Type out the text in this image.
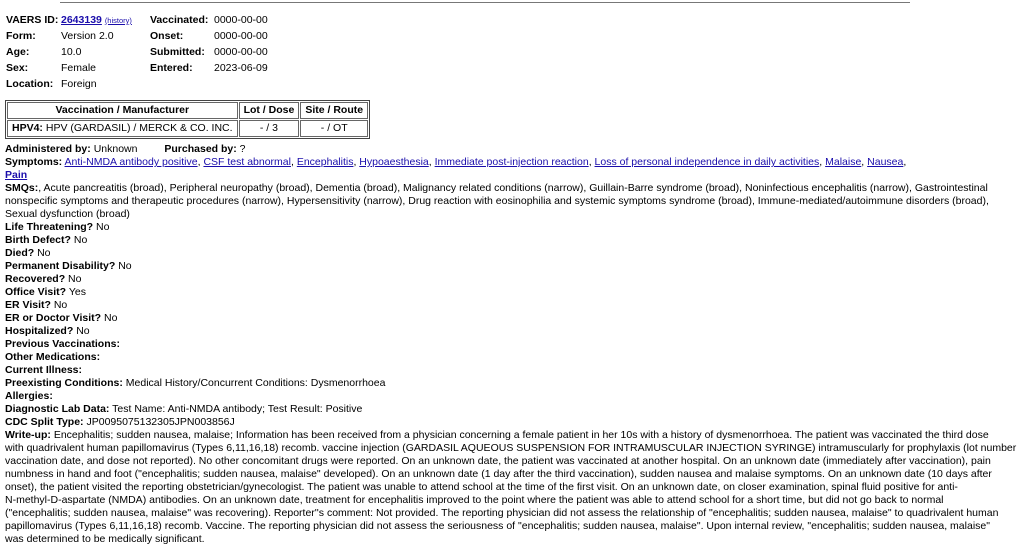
VAERS ID: 2643139 (history) Vaccinated: 0000-00-00
Form: Version 2.0	Onset:	0000-00-00
Age:	10.0	Submitted: 0000-00-00
Sex:	Female	Entered: 2023-06-09
Location: Foreign
Vaccination / Manufacturer	Lot / Dose	Site / Route
HPV4: HPV (GARDASIL) / MERCK & CO. INC.	- / 3	- / OT
Administered by: Unknown	Purchased by: ?
Symptoms: Anti-NMDA antibody positive, CSF test abnormal, Encephalitis, Hypoaesthesia, Immediate post-injection reaction, Loss of personal independence in daily activities, Malaise, Nausea,
Pain
SMQs:, Acute pancreatitis (broad), Peripheral neuropathy (broad), Dementia (broad), Malignancy related conditions (narrow), Guillain-Barre syndrome (broad), Noninfectious encephalitis (narrow), Gastrointestinal
nonspecific symptoms and therapeutic procedures (narrow), Hypersensitivity (narrow), Drug reaction with eosinophilia and systemic symptoms syndrome (broad), Immune-mediated/autoimmune disorders (broad),
Sexual dysfunction (broad)
Life Threatening? No
Birth Defect? No
Died? No
Permanent Disability? No
Recovered? No
Office Visit? Yes
ER Visit? No
ER or Doctor Visit? No
Hospitalized? No
Previous Vaccinations:
Other Medications:
Current Illness:
Preexisting Conditions: Medical History/Concurrent Conditions: Dysmenorrhoea
Allergies:
Diagnostic Lab Data: Test Name: Anti-NMDA antibody; Test Result: Positive
CDC Split Type: JP0095075132305JPN003856J
Write-up: Encephalitis; sudden nausea, malaise; Information has been received from a physician concerning a female patient in her 10s with a history of dysmenorrhoea. The patient was vaccinated the third dose
with quadrivalent human papillomavirus (Types 6,11,16,18) recomb. vaccine injection (GARDASIL AQUEOUS SUSPENSION FOR INTRAMUSCULAR INJECTION SYRINGE) intramuscularly for prophylaxis (lot number
vaccination date, and dose not reported). No other concomitant drugs were reported. On an unknown date, the patient was vaccinated at another hospital. On an unknown date (immediately after vaccination), pain
numbness in hand and foot ("encephalitis; sudden nausea, malaise" developed). On an unknown date (1 day after the third vaccination), sudden nausea and malaise symptoms. On an unknown date (10 days after
onset), the patient visited the reporting obstetrician/gynecologist. The patient was unable to attend school at the time of the first visit. On an unknown date, on closer examination, spinal fluid positive for anti-
N-methyl-D-aspartate (NMDA) antibodies. On an unknown date, treatment for encephalitis improved to the point where the patient was able to attend school for a short time, but did not go back to normal
("encephalitis; sudden nausea, malaise" was recovering). Reporter''s comment: Not provided. The reporting physician did not assess the relationship of "encephalitis; sudden nausea, malaise" to quadrivalent human
papillomavirus (Types 6,11,16,18) recomb. Vaccine. The reporting physician did not assess the seriousness of "encephalitis; sudden nausea, malaise". Upon internal review, "encephalitis; sudden nausea, malaise"
was determined to be medically significant.
